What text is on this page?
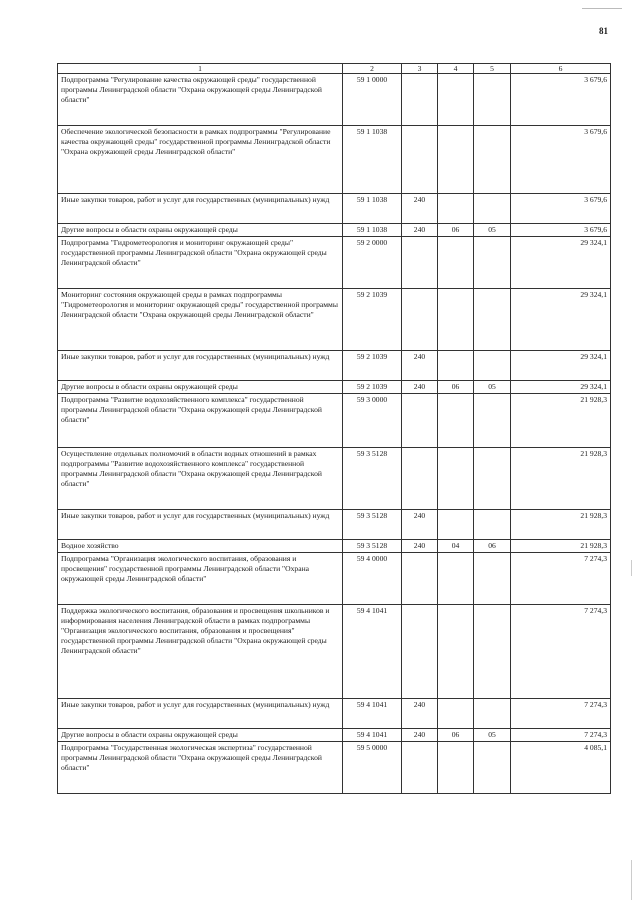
81
1	2	3	4	5	6
Подпрограмма "Регулирование качества окружающей среды" государственной программы Ленинградской области "Охрана окружающей среды Ленинградской области"	59 1 0000				3 679,6
Обеспечение экологической безопасности в рамках подпрограммы "Регулирование качества окружающей среды" государственной программы Ленинградской области "Охрана окружающей среды Ленинградской области"	59 1 1038				3 679,6
Иные закупки товаров, работ и услуг для государственных (муниципальных) нужд	59 1 1038	240			3 679,6
Другие вопросы в области охраны окружающей среды	59 1 1038	240	06	05	3 679,6
Подпрограмма "Гидрометеорология и мониторинг окружающей среды" государственной программы Ленинградской области "Охрана окружающей среды Ленинградской области"	59 2 0000				29 324,1
Мониторинг состояния окружающей среды в рамках подпрограммы "Гидрометеорология и мониторинг окружающей среды" государственной программы Ленинградской области "Охрана окружающей среды Ленинградской области"	59 2 1039				29 324,1
Иные закупки товаров, работ и услуг для государственных (муниципальных) нужд	59 2 1039	240			29 324,1
Другие вопросы в области охраны окружающей среды	59 2 1039	240	06	05	29 324,1
Подпрограмма "Развитие водохозяйственного комплекса" государственной программы Ленинградской области "Охрана окружающей среды Ленинградской области"	59 3 0000				21 928,3
Осуществление отдельных полномочий в области водных отношений в рамках подпрограммы "Развитие водохозяйственного комплекса" государственной программы Ленинградской области "Охрана окружающей среды Ленинградской области"	59 3 5128				21 928,3
Иные закупки товаров, работ и услуг для государственных (муниципальных) нужд	59 3 5128	240			21 928,3
Водное хозяйство	59 3 5128	240	04	06	21 928,3
Подпрограмма "Организация экологического воспитания, образования и просвещения" государственной программы Ленинградской области "Охрана окружающей среды Ленинградской области"	59 4 0000				7 274,3
Поддержка экологического воспитания, образования и просвещения школьников и информирования населения Ленинградской области в рамках подпрограммы "Организация экологического воспитания, образования и просвещения" государственной программы Ленинградской области "Охрана окружающей среды Ленинградской области"	59 4 1041				7 274,3
Иные закупки товаров, работ и услуг для государственных (муниципальных) нужд	59 4 1041	240			7 274,3
Другие вопросы в области охраны окружающей среды	59 4 1041	240	06	05	7 274,3
Подпрограмма "Государственная экологическая экспертиза" государственной программы Ленинградской области "Охрана окружающей среды Ленинградской области"	59 5 0000				4 085,1
